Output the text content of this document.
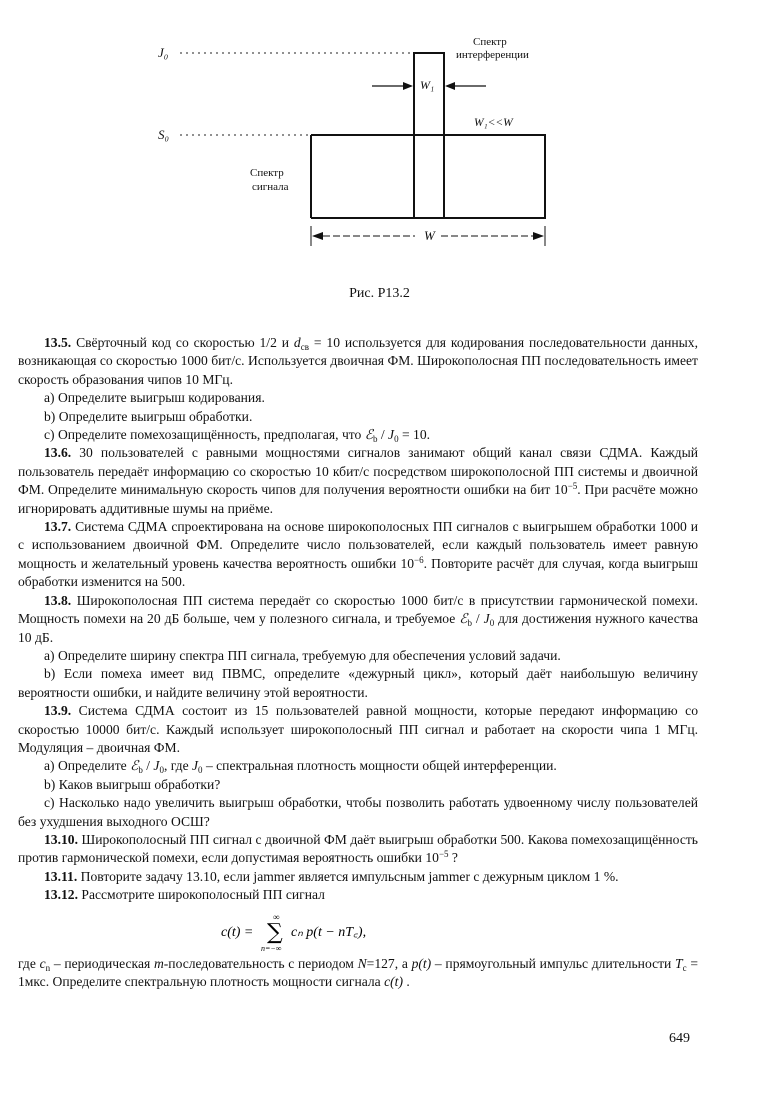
J₀
S₀
Спектр
интерференции
W₁
W₁<<W
Спектр
сигнала
W
Рис. Р13.2

13.5. Свёрточный код со скоростью 1/2 и $d_{св} = 10$ используется для кодирования последовательности данных, возникающая со скоростью 1000 бит/с. Используется двоичная ФМ. Широкополосная ПП последовательность имеет скорость образования чипов 10 МГц.

a) Определите выигрыш кодирования.

b) Определите выигрыш обработки.

c) Определите помехозащищённость, предполагая, что ℰ$_b$ / $J_0 = 10$.

13.6. 30 пользователей с равными мощностями сигналов занимают общий канал связи СДМА. Каждый пользователь передаёт информацию со скоростью 10 кбит/с посредством широкополосной ПП системы и двоичной ФМ. Определите минимальную скорость чипов для получения вероятности ошибки на бит $10^{-5}$. При расчёте можно игнорировать аддитивные шумы на приёме.

13.7. Система СДМА спроектирована на основе широкополосных ПП сигналов с выигрышем обработки 1000 и с использованием двоичной ФМ. Определите число пользователей, если каждый пользователь имеет равную мощность и желательный уровень качества вероятность ошибки $10^{-6}$. Повторите расчёт для случая, когда выигрыш обработки изменится на 500.

13.8. Широкополосная ПП система передаёт со скоростью 1000 бит/с в присутствии гармонической помехи. Мощность помехи на 20 дБ больше, чем у полезного сигнала, и требуемое ℰ$_b$ / $J_0$ для достижения нужного качества 10 дБ.

a) Определите ширину спектра ПП сигнала, требуемую для обеспечения условий задачи.

b) Если помеха имеет вид ПВМС, определите «дежурный цикл», который даёт наибольшую величину вероятности ошибки, и найдите величину этой вероятности.

13.9. Система СДМА состоит из 15 пользователей равной мощности, которые передают информацию со скоростью 10000 бит/с. Каждый использует широкополосный ПП сигнал и работает на скорости чипа 1 МГц. Модуляция – двоичная ФМ.

a) Определите ℰ$_b$ / $J_0$, где $J_0$ – спектральная плотность мощности общей интерференции.

b) Каков выигрыш обработки?

c) Насколько надо увеличить выигрыш обработки, чтобы позволить работать удвоенному числу пользователей без ухудшения выходного ОСШ?

13.10. Широкополосный ПП сигнал с двоичной ФМ даёт выигрыш обработки 500. Какова помехозащищённость против гармонической помехи, если допустимая вероятность ошибки $10^{-5}$ ?

13.11. Повторите задачу 13.10, если jammer является импульсным jammer с дежурным циклом 1 %.

13.12. Рассмотрите широкополосный ПП сигнал

c(t) =
∞
∑
n=−∞
cₙ p(t − nT꜀),

где $c_n$ – периодическая m-последовательность с периодом N=127, а p(t) – прямоугольный импульс длительности $T_c = 1мкс$. Определите спектральную плотность мощности сигнала c(t) .

649
